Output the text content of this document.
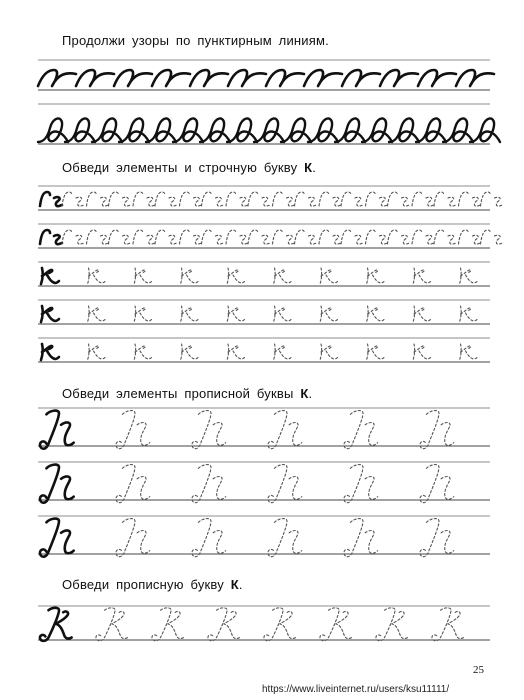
Продолжи узоры по пунктирным линиям.

Обведи элементы и строчную букву К.

Обведи элементы прописной буквы К.

Обведи прописную букву К.

25
https://www.liveinternet.ru/users/ksu11111/
